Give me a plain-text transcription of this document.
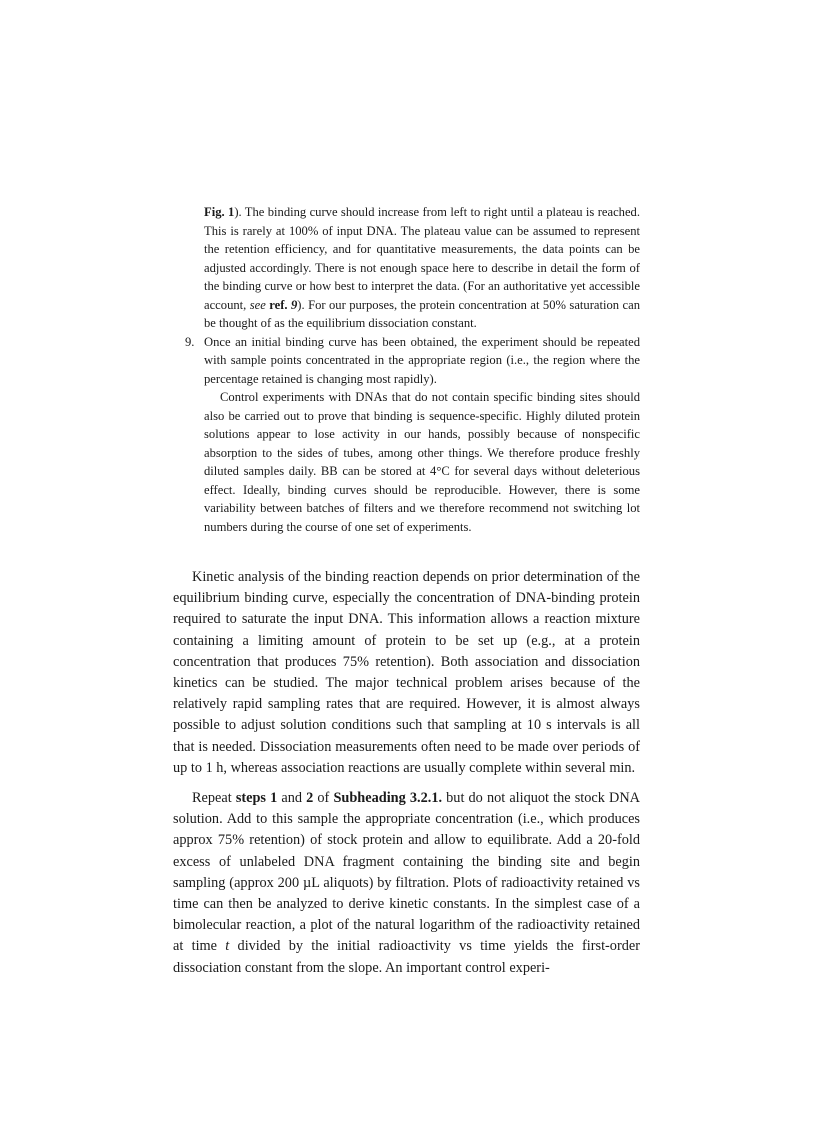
Fig. 1). The binding curve should increase from left to right until a plateau is reached. This is rarely at 100% of input DNA. The plateau value can be assumed to represent the retention efficiency, and for quantitative measurements, the data points can be adjusted accordingly. There is not enough space here to describe in detail the form of the binding curve or how best to interpret the data. (For an authoritative yet accessible account, see ref. 9). For our purposes, the protein concentration at 50% saturation can be thought of as the equilibrium dissociation constant.

9. Once an initial binding curve has been obtained, the experiment should be repeated with sample points concentrated in the appropriate region (i.e., the region where the percentage retained is changing most rapidly).

Control experiments with DNAs that do not contain specific binding sites should also be carried out to prove that binding is sequence-specific. Highly diluted protein solutions appear to lose activity in our hands, possibly because of nonspecific absorption to the sides of tubes, among other things. We therefore produce freshly diluted samples daily. BB can be stored at 4°C for several days without deleterious effect. Ideally, binding curves should be reproducible. However, there is some variability between batches of filters and we therefore recommend not switching lot numbers during the course of one set of experiments.

Kinetic analysis of the binding reaction depends on prior determination of the equilibrium binding curve, especially the concentration of DNA-binding protein required to saturate the input DNA. This information allows a reaction mixture containing a limiting amount of protein to be set up (e.g., at a protein concentration that produces 75% retention). Both association and dissociation kinetics can be studied. The major technical problem arises because of the relatively rapid sampling rates that are required. However, it is almost always possible to adjust solution conditions such that sampling at 10 s intervals is all that is needed. Dissociation measurements often need to be made over periods of up to 1 h, whereas association reactions are usually complete within several min.

Repeat steps 1 and 2 of Subheading 3.2.1. but do not aliquot the stock DNA solution. Add to this sample the appropriate concentration (i.e., which produces approx 75% retention) of stock protein and allow to equilibrate. Add a 20-fold excess of unlabeled DNA fragment containing the binding site and begin sampling (approx 200 µL aliquots) by filtration. Plots of radioactivity retained vs time can then be analyzed to derive kinetic constants. In the simplest case of a bimolecular reaction, a plot of the natural logarithm of the radioactivity retained at time t divided by the initial radioactivity vs time yields the first-order dissociation constant from the slope. An important control experi-
